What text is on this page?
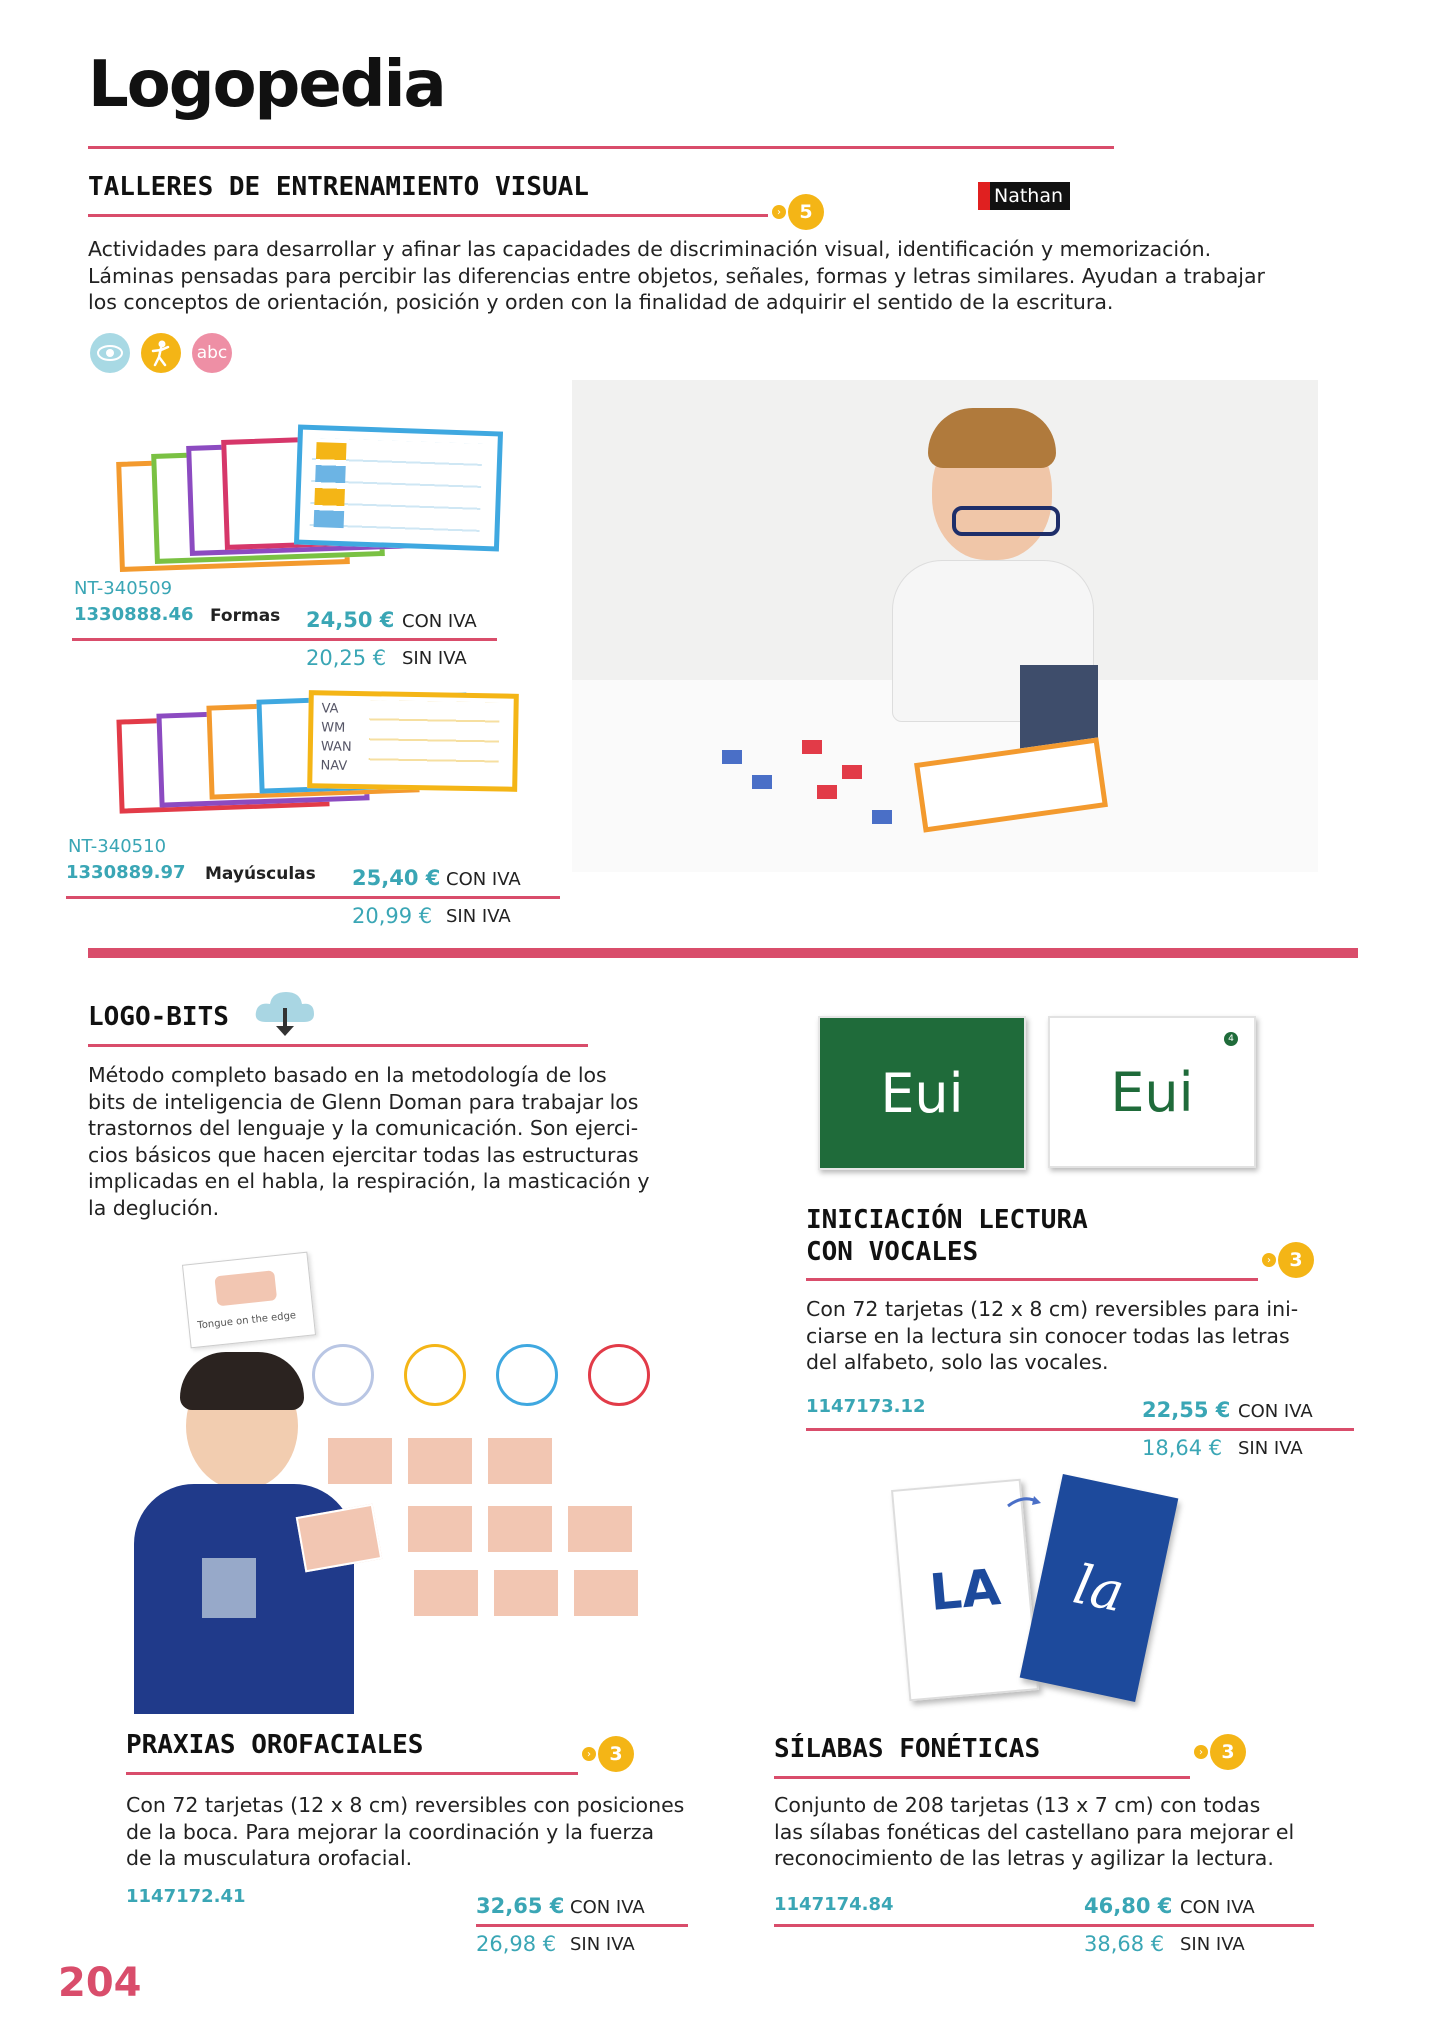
Logopedia
TALLERES DE ENTRENAMIENTO VISUAL
› 5
Nathan
Actividades para desarrollar y afinar las capacidades de discriminación visual, identificación y memorización.
Láminas pensadas para percibir las diferencias entre objetos, señales, formas y letras similares. Ayudan a trabajar
los conceptos de orientación, posición y orden con la finalidad de adquirir el sentido de la escritura.
abc
NT-340509
1330888.46 Formas 24,50 € CON IVA
20,25 € SIN IVA
VA
WM
WAN
NAV
NT-340510
1330889.97 Mayúsculas 25,40 € CON IVA
20,99 € SIN IVA
LOGO-BITS
Método completo basado en la metodología de los
bits de inteligencia de Glenn Doman para trabajar los
trastornos del lenguaje y la comunicación. Son ejerci-
cios básicos que hacen ejercitar todas las estructuras
implicadas en el habla, la respiración, la masticación y
la deglución.
Tongue on the edge
PRAXIAS OROFACIALES	› 3
Con 72 tarjetas (12 x 8 cm) reversibles con posiciones
de la boca. Para mejorar la coordinación y la fuerza
de la musculatura orofacial.
1147172.41	32,65 € CON IVA
26,98 € SIN IVA
Eui	Eui
4
INICIACIÓN LECTURA
CON VOCALES	› 3
Con 72 tarjetas (12 x 8 cm) reversibles para ini-
ciarse en la lectura sin conocer todas las letras
del alfabeto, solo las vocales.
1147173.12	22,55 € CON IVA
18,64 € SIN IVA
LA la
SÍLABAS FONÉTICAS	› 3
Conjunto de 208 tarjetas (13 x 7 cm) con todas
las sílabas fonéticas del castellano para mejorar el
reconocimiento de las letras y agilizar la lectura.
1147174.84	46,80 € CON IVA
38,68 € SIN IVA
204
